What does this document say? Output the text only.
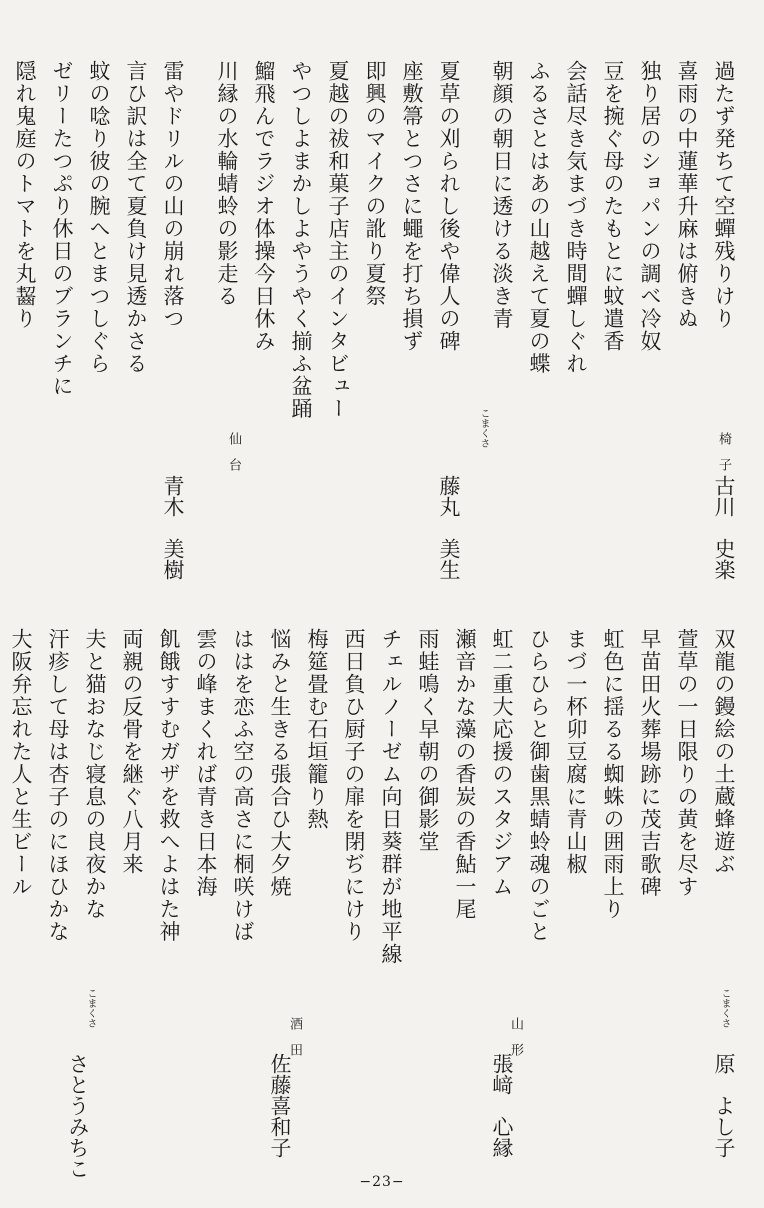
過たず発ちて空蟬残りけり
喜雨の中蓮華升麻は俯きぬ
独り居のショパンの調べ冷奴
豆を捥ぐ母のたもとに蚊遣香
会話尽き気まづき時間蟬しぐれ
ふるさとはあの山越えて夏の蝶
朝顔の朝日に透ける淡き青
椅　子
古川　史楽
夏草の刈られし後や偉人の碑
座敷箒とつさに蠅を打ち損ず
即興のマイクの訛り夏祭
夏越の祓和菓子店主のインタビュー
やつしよまかしよやうやく揃ふ盆踊
鰡飛んでラジオ体操今日休み
川縁の水輪蜻蛉の影走る
こまくさ
藤丸　美生
雷やドリルの山の崩れ落つ
言ひ訳は全て夏負け見透かさる
蚊の唸り彼の腕へとまつしぐら
ゼリーたつぷり休日のブランチに
隠れ鬼庭のトマトを丸齧り
仙　台
青木　美樹
双龍の鏝絵の土蔵蜂遊ぶ
萱草の一日限りの黄を尽す
早苗田火葬場跡に茂吉歌碑
虹色に揺るる蜘蛛の囲雨上り
まづ一杯卯豆腐に青山椒
ひらひらと御歯黒蜻蛉魂のごと
こまくさ
原　よし子
虹二重大応援のスタジアム
瀬音かな藻の香炭の香鮎一尾
雨蛙鳴く早朝の御影堂
チェルノーゼム向日葵群が地平線
西日負ひ厨子の扉を閉ぢにけり
梅筵畳む石垣籠り熱
山　形
張﨑　心縁
悩みと生きる張合ひ大夕焼
ははを恋ふ空の高さに桐咲けば
雲の峰まくれば青き日本海
飢餓すすむガザを救へよはた神
両親の反骨を継ぐ八月来
酒　田
佐藤喜和子
夫と猫おなじ寝息の良夜かな
汗疹して母は杏子のにほひかな
大阪弁忘れた人と生ビール
こまくさ
さとうみちこ
−23−
